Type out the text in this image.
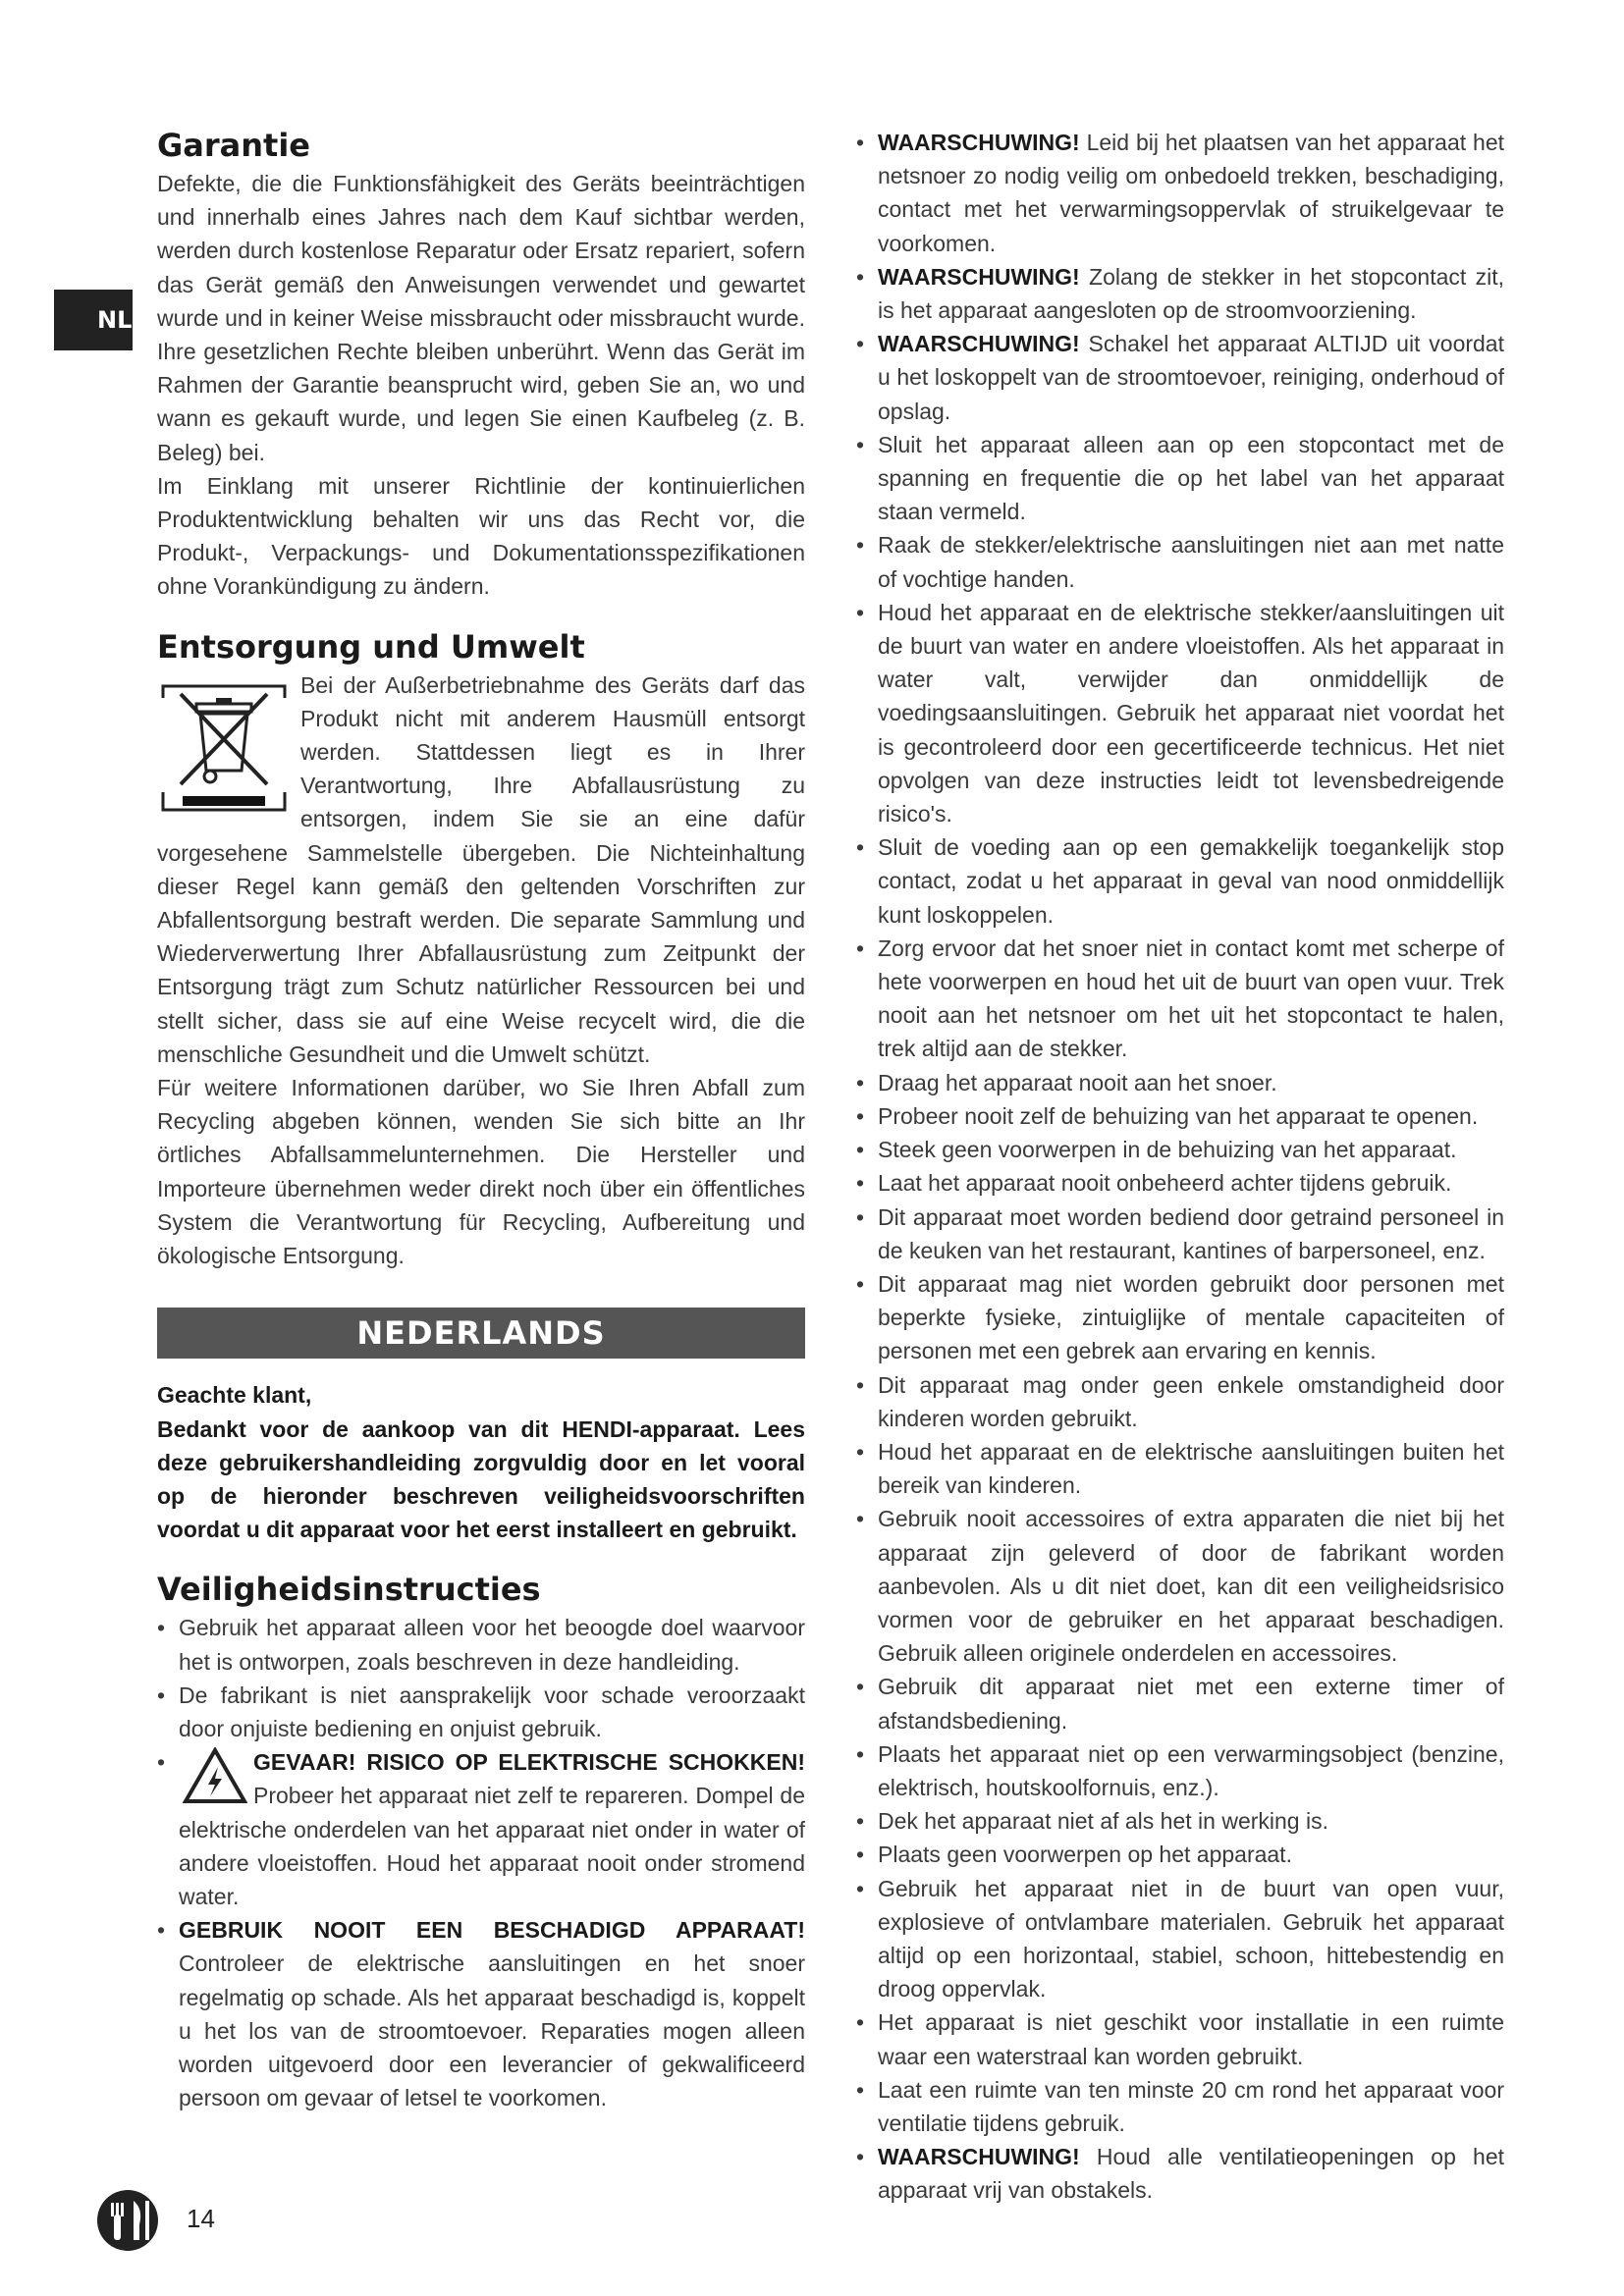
NL
Garantie

Defekte, die die Funktionsfähigkeit des Geräts beeinträchtigen und innerhalb eines Jahres nach dem Kauf sichtbar werden, werden durch kostenlose Reparatur oder Ersatz repariert, sofern das Gerät gemäß den Anweisungen verwendet und gewartet wurde und in keiner Weise missbraucht oder missbraucht wurde. Ihre gesetzlichen Rechte bleiben unberührt. Wenn das Gerät im Rahmen der Garantie beansprucht wird, geben Sie an, wo und wann es gekauft wurde, und legen Sie einen Kaufbeleg (z. B. Beleg) bei.

Im Einklang mit unserer Richtlinie der kontinuierlichen Produktentwicklung behalten wir uns das Recht vor, die Produkt-, Verpackungs- und Dokumentationsspezifikationen ohne Vorankündigung zu ändern.

Entsorgung und Umwelt

Bei der Außerbetriebnahme des Geräts darf das Produkt nicht mit anderem Hausmüll entsorgt werden. Stattdessen liegt es in Ihrer Verantwortung, Ihre Abfallausrüstung zu entsorgen, indem Sie sie an eine dafür vorgesehene Sammelstelle übergeben. Die Nichteinhaltung dieser Regel kann gemäß den geltenden Vorschriften zur Abfallentsorgung bestraft werden. Die separate Sammlung und Wiederverwertung Ihrer Abfallausrüstung zum Zeitpunkt der Entsorgung trägt zum Schutz natürlicher Ressourcen bei und stellt sicher, dass sie auf eine Weise recycelt wird, die die menschliche Gesundheit und die Umwelt schützt.

Für weitere Informationen darüber, wo Sie Ihren Abfall zum Recycling abgeben können, wenden Sie sich bitte an Ihr örtliches Abfallsammelunternehmen. Die Hersteller und Importeure übernehmen weder direkt noch über ein öffentliches System die Verantwortung für Recycling, Aufbereitung und ökologische Entsorgung.

NEDERLANDS

Geachte klant,

Bedankt voor de aankoop van dit HENDI-apparaat. Lees deze gebruikershandleiding zorgvuldig door en let vooral op de hieronder beschreven veiligheidsvoorschriften voordat u dit apparaat voor het eerst installeert en gebruikt.

Veiligheidsinstructies
• Gebruik het apparaat alleen voor het beoogde doel waarvoor het is ontworpen, zoals beschreven in deze handleiding.
• De fabrikant is niet aansprakelijk voor schade veroorzaakt door onjuiste bediening en onjuist gebruik.
•	GEVAAR! RISICO OP ELEKTRISCHE SCHOKKEN! Probeer het apparaat niet zelf te repareren. Dompel de elektrische onderdelen van het apparaat niet onder in water of andere vloeistoffen. Houd het apparaat nooit onder stromend water.
• GEBRUIK NOOIT EEN BESCHADIGD APPARAAT! Controleer de elektrische aansluitingen en het snoer regelmatig op schade. Als het apparaat beschadigd is, koppelt u het los van de stroomtoevoer. Reparaties mogen alleen worden uitgevoerd door een leverancier of gekwalificeerd persoon om gevaar of letsel te voorkomen.
• WAARSCHUWING! Leid bij het plaatsen van het apparaat het netsnoer zo nodig veilig om onbedoeld trekken, beschadiging, contact met het verwarmingsoppervlak of struikelgevaar te voorkomen.
• WAARSCHUWING! Zolang de stekker in het stopcontact zit, is het apparaat aangesloten op de stroomvoorziening.
• WAARSCHUWING! Schakel het apparaat ALTIJD uit voordat u het loskoppelt van de stroomtoevoer, reiniging, onderhoud of opslag.
• Sluit het apparaat alleen aan op een stopcontact met de spanning en frequentie die op het label van het apparaat staan vermeld.
• Raak de stekker/elektrische aansluitingen niet aan met natte of vochtige handen.
• Houd het apparaat en de elektrische stekker/aansluitingen uit de buurt van water en andere vloeistoffen. Als het apparaat in water valt, verwijder dan onmiddellijk de voedingsaansluitingen. Gebruik het apparaat niet voordat het is gecontroleerd door een gecertificeerde technicus. Het niet opvolgen van deze instructies leidt tot levensbedreigende risico's.
• Sluit de voeding aan op een gemakkelijk toegankelijk stop contact, zodat u het apparaat in geval van nood onmiddellijk kunt loskoppelen.
• Zorg ervoor dat het snoer niet in contact komt met scherpe of hete voorwerpen en houd het uit de buurt van open vuur. Trek nooit aan het netsnoer om het uit het stopcontact te halen, trek altijd aan de stekker.
• Draag het apparaat nooit aan het snoer.
• Probeer nooit zelf de behuizing van het apparaat te openen.
• Steek geen voorwerpen in de behuizing van het apparaat.
• Laat het apparaat nooit onbeheerd achter tijdens gebruik.
• Dit apparaat moet worden bediend door getraind personeel in de keuken van het restaurant, kantines of barpersoneel, enz.
• Dit apparaat mag niet worden gebruikt door personen met beperkte fysieke, zintuiglijke of mentale capaciteiten of personen met een gebrek aan ervaring en kennis.
• Dit apparaat mag onder geen enkele omstandigheid door kinderen worden gebruikt.
• Houd het apparaat en de elektrische aansluitingen buiten het bereik van kinderen.
• Gebruik nooit accessoires of extra apparaten die niet bij het apparaat zijn geleverd of door de fabrikant worden aanbevolen. Als u dit niet doet, kan dit een veiligheidsrisico vormen voor de gebruiker en het apparaat beschadigen. Gebruik alleen originele onderdelen en accessoires.
• Gebruik dit apparaat niet met een externe timer of afstandsbediening.
• Plaats het apparaat niet op een verwarmingsobject (benzine, elektrisch, houtskoolfornuis, enz.).
• Dek het apparaat niet af als het in werking is.
• Plaats geen voorwerpen op het apparaat.
• Gebruik het apparaat niet in de buurt van open vuur, explosieve of ontvlambare materialen. Gebruik het apparaat altijd op een horizontaal, stabiel, schoon, hittebestendig en droog oppervlak.
• Het apparaat is niet geschikt voor installatie in een ruimte waar een waterstraal kan worden gebruikt.
• Laat een ruimte van ten minste 20 cm rond het apparaat voor ventilatie tijdens gebruik.
• WAARSCHUWING! Houd alle ventilatieopeningen op het apparaat vrij van obstakels.
14
